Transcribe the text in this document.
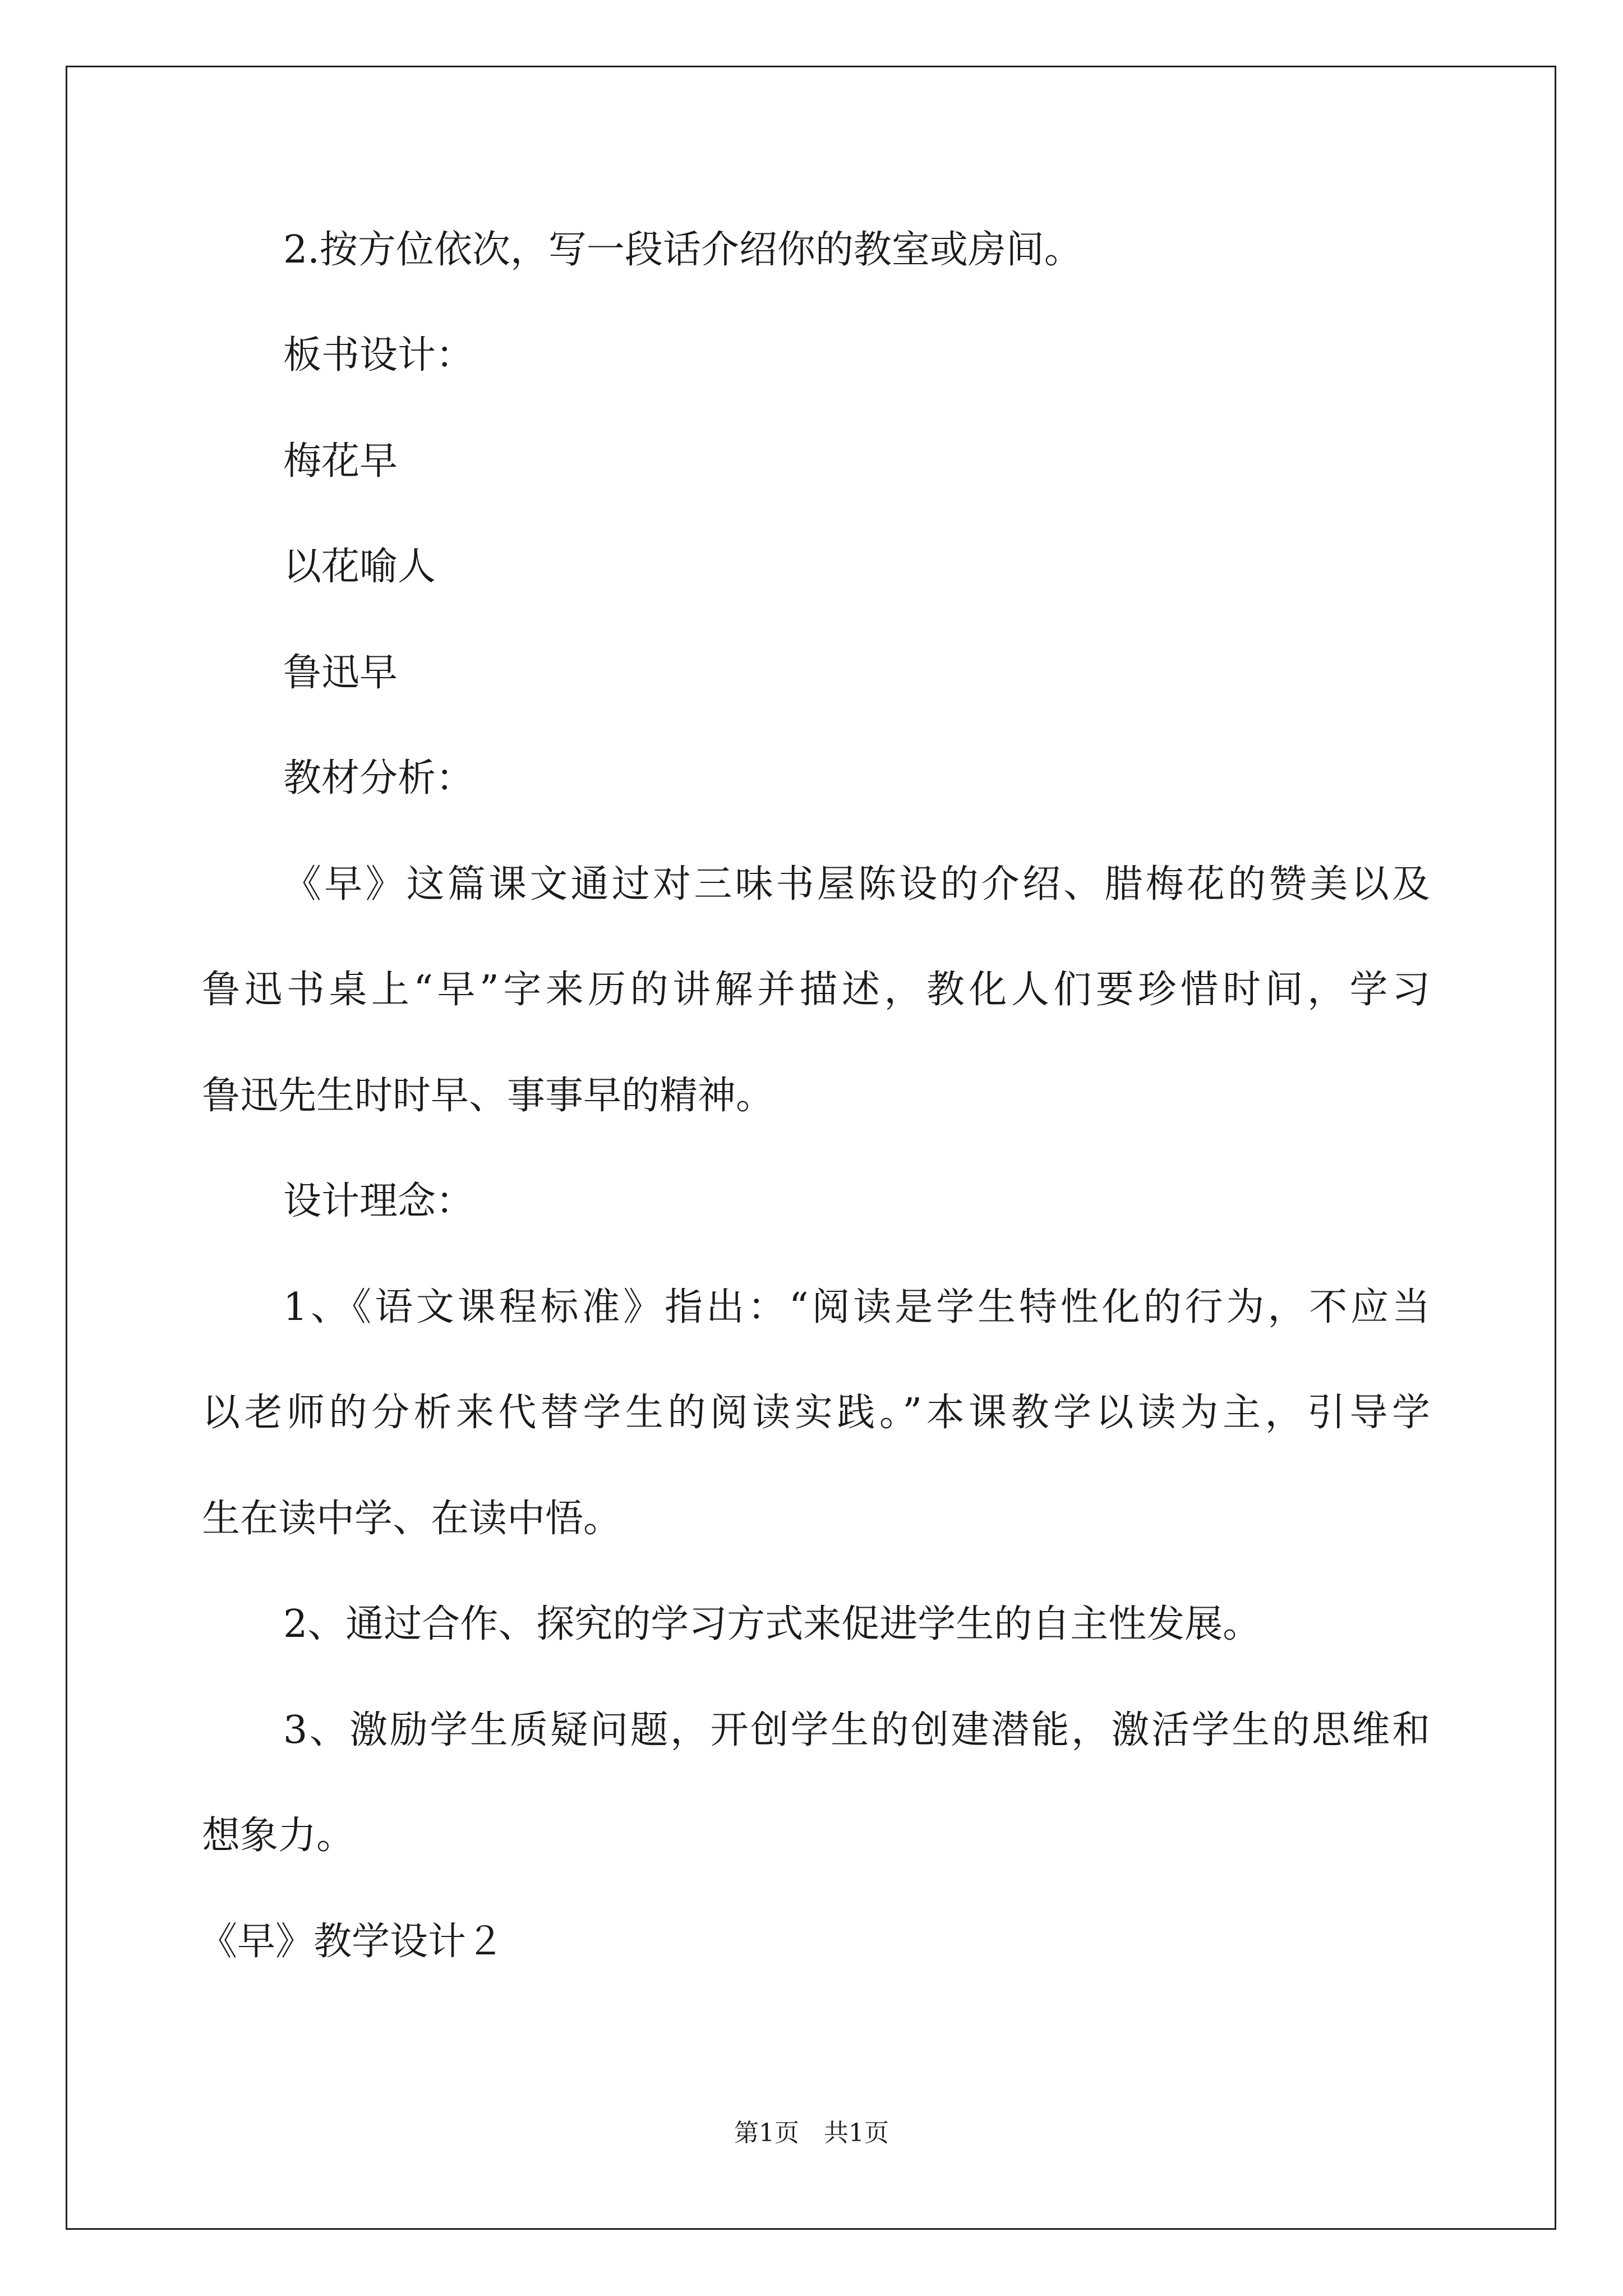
2.按方位依次，写一段话介绍你的教室或房间。
板书设计：
梅花早
以花喻人
鲁迅早
教材分析：
《早》这篇课文通过对三味书屋陈设的介绍、腊梅花的赞美以及
鲁迅书桌上“早”字来历的讲解并描述，教化人们要珍惜时间，学习
鲁迅先生时时早、事事早的精神。
设计理念：
1、《语文课程标准》指出：“阅读是学生特性化的行为，不应当
以老师的分析来代替学生的阅读实践。”本课教学以读为主，引导学
生在读中学、在读中悟。
2、通过合作、探究的学习方式来促进学生的自主性发展。
3、激励学生质疑问题，开创学生的创建潜能，激活学生的思维和
想象力。
《早》教学设计２
第1页　共1页
